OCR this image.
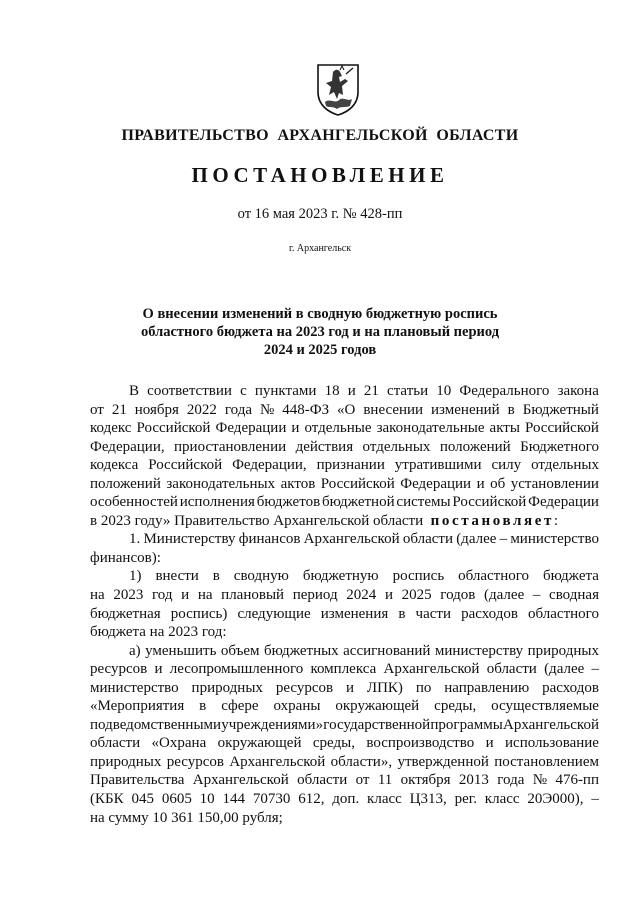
ПРАВИТЕЛЬСТВО  АРХАНГЕЛЬСКОЙ  ОБЛАСТИ
ПОСТАНОВЛЕНИЕ
от 16 мая 2023 г. № 428-пп
г. Архангельск
О внесении изменений в сводную бюджетную роспись
областного бюджета на 2023 год и на плановый период
2024 и 2025 годов
В соответствии с пунктами 18 и 21 статьи 10 Федерального закона
от 21 ноября 2022 года № 448-ФЗ «О внесении изменений в Бюджетный
кодекс Российской Федерации и отдельные законодательные акты Российской
Федерации, приостановлении действия отдельных положений Бюджетного
кодекса Российской Федерации, признании утратившими силу отдельных
положений законодательных актов Российской Федерации и об установлении
особенностей исполнения бюджетов бюджетной системы Российской Федерации
в 2023 году» Правительство Архангельской области
постановляет :
1. Министерству финансов Архангельской области (далее – министерство
финансов):
1) внести в сводную бюджетную роспись областного бюджета
на 2023 год и на плановый период 2024 и 2025 годов (далее – сводная
бюджетная роспись) следующие изменения в части расходов областного
бюджета на 2023 год:
а) уменьшить объем бюджетных ассигнований министерству природных
ресурсов и лесопромышленного комплекса Архангельской области (далее –
министерство природных ресурсов и ЛПК) по направлению расходов
«Мероприятия в сфере охраны окружающей среды, осуществляемые
подведомственными учреждениями» государственной программы Архангельской
области «Охрана окружающей среды, воспроизводство и использование
природных ресурсов Архангельской области», утвержденной постановлением
Правительства Архангельской области от 11 октября 2013 года № 476-пп
(КБК 045 0605 10 144 70730 612, доп. класс Ц313, рег. класс 20Э000), –
на сумму 10 361 150,00 рубля;
